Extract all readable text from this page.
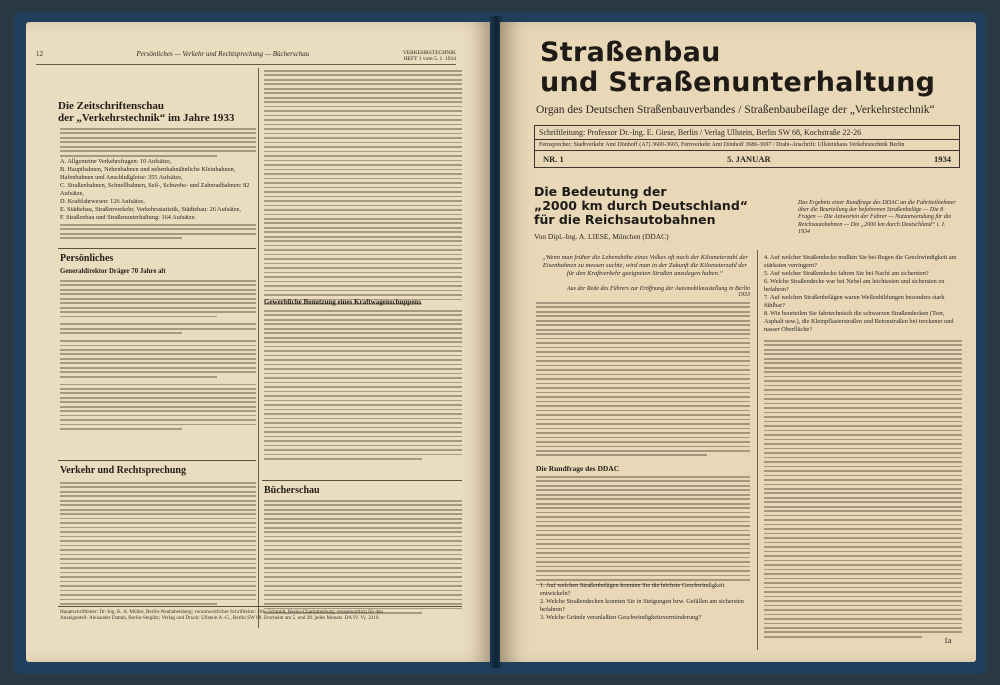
12	Persönliches — Verkehr und Rechtsprechung — Bücherschau	VERKEHRSTECHNIK
HEFT 1 vom 5. 1. 1934
Die Zeitschriftenschau
der „Verkehrstechnik“ im Jahre 1933
A. Allgemeine Verkehrsfragen: 10 Aufsätze,
B. Hauptbahnen, Nebenbahnen und nebenbahnähnliche Kleinbahnen, Hafenbahnen und Anschlußgleise: 355 Aufsätze,
C. Straßenbahnen, Schnellbahnen, Seil-, Schwebe- und Zahnradbahnen: 82 Aufsätze,
D. Kraftfahrwesen: 126 Aufsätze,
E. Städtebau, Straßenverkehr, Verkehrsstatistik, Städtebau: 26 Aufsätze,
F. Straßenbau und Straßenunterhaltung: 164 Aufsätze.
Persönliches
Generaldirektor Dräger 70 Jahre alt
Verkehr und Rechtsprechung
Gewerbliche Benutzung eines Kraftwagenschuppens
Bücherschau
Hauptschriftleiter: Dr.-Ing. K. A. Müller, Berlin-Neubabelsberg; verantwortlicher Schriftleiter: Otto Schmidt, Berlin-Charlottenburg; verantwortlich für den
Anzeigenteil: Alexander Dattan, Berlin-Steglitz; Verlag und Druck: Ullstein A.-G., Berlin SW 68. Erscheint am 5. und 20. jedes Monats. DA IV. Vj. 2210
Straßenbau
und Straßenunterhaltung
Organ des Deutschen Straßenbauverbandes / Straßenbaubeilage der „Verkehrstechnik“
Schriftleitung: Professor Dr.-Ing. E. Giese, Berlin / Verlag Ullstein, Berlin SW 68, Kochstraße 22-26
Fernsprecher: Stadtverkehr Amt Dönhoff (A7) 3600-3665, Fernverkehr Amt Dönhoff 3686-3697 / Draht-Anschrift: Ullsteinhaus Verkehrstechnik Berlin
NR. 1	5. JANUAR	1934
Die Bedeutung der
„2000 km durch Deutschland“
für die Reichsautobahnen
Von Dipl.-Ing. A. LIESE, München (DDAC)
Das Ergebnis einer Rundfrage des DDAC an die Fahrtteilnehmer über die Beurteilung der befahrenen Straßenbeläge — Die 8 Fragen — Die Antworten der Fahrer — Nutzanwendung für die Reichsautobahnen — Die „2000 km durch Deutschland“ i. J. 1934
„Wenn man früher die Lebenshöhe eines Volkes oft nach der Kilometerzahl der Eisenbahnen zu messen suchte, wird man in der Zukunft die Kilometerzahl der für den Kraftverkehr geeigneten Straßen anzulegen haben.“
Aus der Rede des Führers zur Eröffnung der Automobilausstellung in Berlin 1933
Die Rundfrage des DDAC
1. Auf welchen Straßenbelägen konnten Sie die höchste Geschwindigkeit entwickeln?
2. Welche Straßendecken konnten Sie in Steigungen bzw. Gefällen am sichersten befahren?
3. Welche Gründe veranlaßten Geschwindigkeitsverminderung?
4. Auf welcher Straßendecke mußten Sie bei Regen die Geschwindigkeit am stärksten verringern?
5. Auf welcher Straßendecke fahren Sie bei Nacht am sichersten?
6. Welche Straßendecke war bei Nebel am leichtesten und sichersten zu befahren?
7. Auf welchen Straßenbelägen waren Wellenbildungen besonders stark fühlbar?
8. Wie beurteilen Sie fahrtechnisch die schwarzen Straßendecken (Teer, Asphalt usw.), die Kleinpflasterstraßen und Betonstraßen bei trockener und nasser Oberfläche?
1a
